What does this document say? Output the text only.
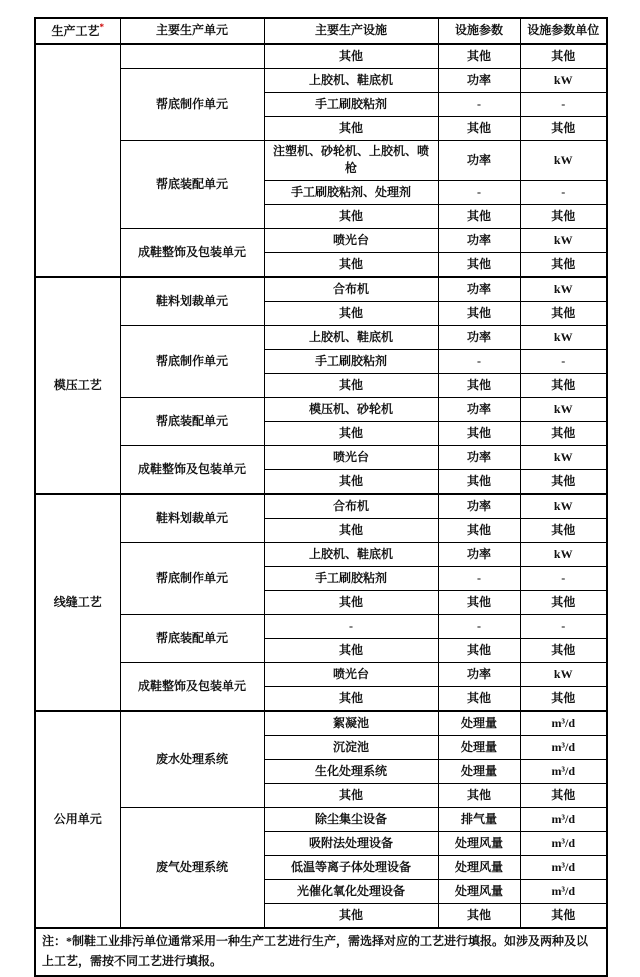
生产工艺*	主要生产单元	主要生产设施	设施参数	设施参数单位
		其他	其他	其他
	帮底制作单元	上胶机、鞋底机	功率	kW
		手工刷胶粘剂	-	-
		其他	其他	其他
	帮底装配单元	注塑机、砂轮机、上胶机、喷枪	功率	kW
		手工刷胶粘剂、处理剂	-	-
		其他	其他	其他
	成鞋整饰及包装单元	喷光台	功率	kW
		其他	其他	其他
模压工艺	鞋料划裁单元	合布机	功率	kW
		其他	其他	其他
	帮底制作单元	上胶机、鞋底机	功率	kW
		手工刷胶粘剂	-	-
		其他	其他	其他
	帮底装配单元	模压机、砂轮机	功率	kW
		其他	其他	其他
	成鞋整饰及包装单元	喷光台	功率	kW
		其他	其他	其他
线缝工艺	鞋料划裁单元	合布机	功率	kW
		其他	其他	其他
	帮底制作单元	上胶机、鞋底机	功率	kW
		手工刷胶粘剂	-	-
		其他	其他	其他
	帮底装配单元	-	-	-
		其他	其他	其他
	成鞋整饰及包装单元	喷光台	功率	kW
		其他	其他	其他
公用单元	废水处理系统	絮凝池	处理量	m³/d
		沉淀池	处理量	m³/d
		生化处理系统	处理量	m³/d
		其他	其他	其他
	废气处理系统	除尘集尘设备	排气量	m³/d
		吸附法处理设备	处理风量	m³/d
		低温等离子体处理设备	处理风量	m³/d
		光催化氧化处理设备	处理风量	m³/d
		其他	其他	其他
注：*制鞋工业排污单位通常采用一种生产工艺进行生产，需选择对应的工艺进行填报。如涉及两种及以上工艺，需按不同工艺进行填报。				
